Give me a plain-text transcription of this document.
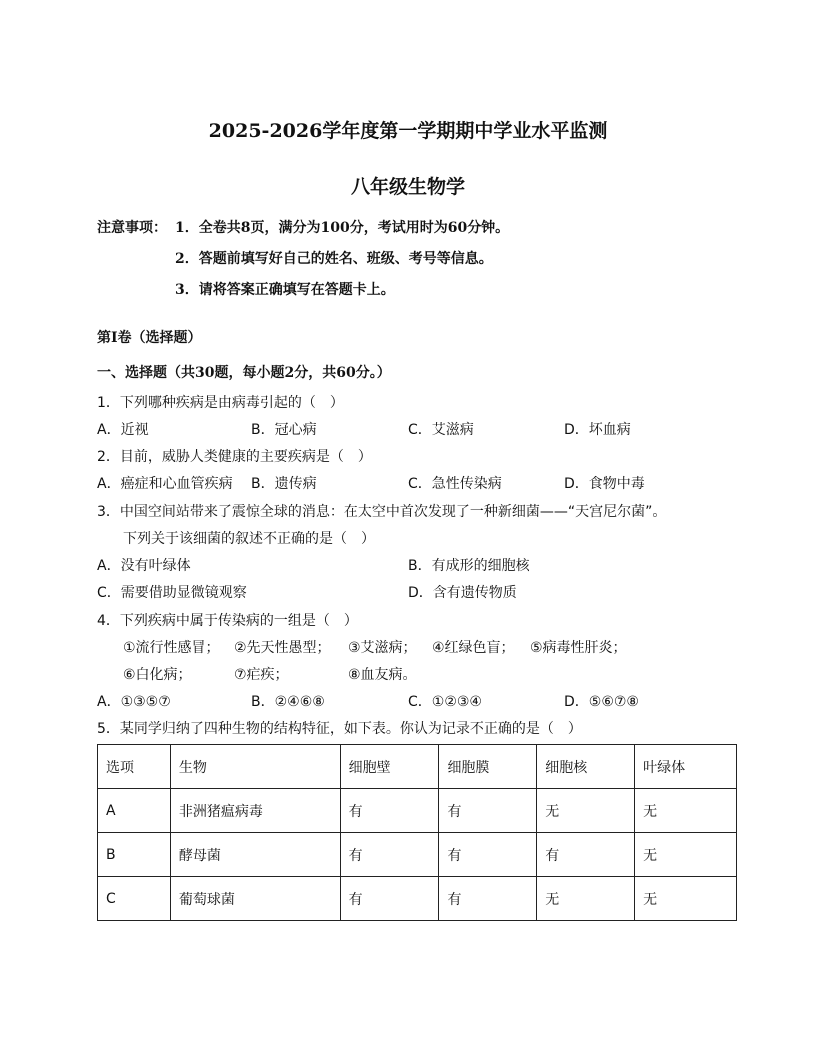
2025-2026学年度第一学期期中学业水平监测
八年级生物学
注意事项： 1．全卷共8页，满分为100分，考试用时为60分钟。
2．答题前填写好自己的姓名、班级、考号等信息。
3．请将答案正确填写在答题卡上。
第Ⅰ卷（选择题）
一、选择题（共30题，每小题2分，共60分。）
1．下列哪种疾病是由病毒引起的（　）
A．近视	B．冠心病	C．艾滋病	D．坏血病
2．目前，威胁人类健康的主要疾病是（　）
A．癌症和心血管疾病 B．遗传病	C．急性传染病	D．食物中毒
3．中国空间站带来了震惊全球的消息：在太空中首次发现了一种新细菌——“天宫尼尔菌”。
下列关于该细菌的叙述不正确的是（　）
A．没有叶绿体	B．有成形的细胞核
C．需要借助显微镜观察	D．含有遗传物质
4．下列疾病中属于传染病的一组是（　）
①流行性感冒； ②先天性愚型； ③艾滋病； ④红绿色盲； ⑤病毒性肝炎；
⑥白化病；	⑦疟疾；	⑧血友病。
A．①③⑤⑦	B．②④⑥⑧	C．①②③④	D．⑤⑥⑦⑧
5．某同学归纳了四种生物的结构特征，如下表。你认为记录不正确的是（　）
选项	生物	细胞壁	细胞膜	细胞核	叶绿体
A	非洲猪瘟病毒	有	有	无	无
B	酵母菌	有	有	有	无
C	葡萄球菌	有	有	无	无
